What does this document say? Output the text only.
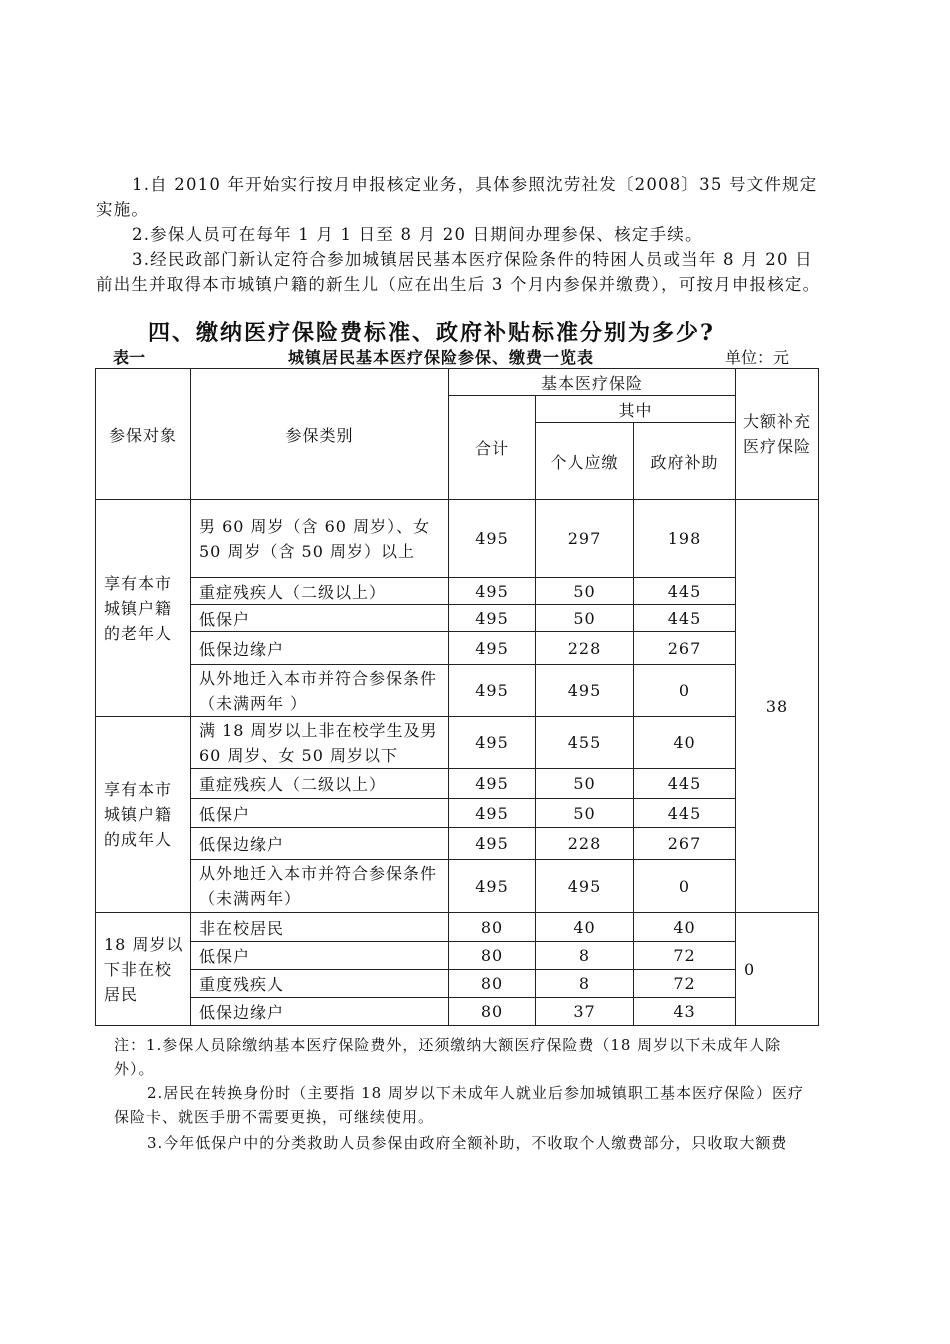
1.自 2010 年开始实行按月申报核定业务，具体参照沈劳社发〔2008〕35 号文件规定实施。

2.参保人员可在每年 1 月 1 日至 8 月 20 日期间办理参保、核定手续。

3.经民政部门新认定符合参加城镇居民基本医疗保险条件的特困人员或当年 8 月 20 日前出生并取得本市城镇户籍的新生儿（应在出生后 3 个月内参保并缴费），可按月申报核定。

四、缴纳医疗保险费标准、政府补贴标准分别为多少?
表一	城镇居民基本医疗保险参保、缴费一览表	单位：元
参保对象	参保类别	基本医疗保险			大额补充医疗保险
		合计	其中		
			个人应缴	政府补助	
享有本市城镇户籍的老年人	男 60 周岁（含 60 周岁）、女 50 周岁（含 50 周岁）以上	495	297	198	38
	重症残疾人（二级以上）	495	50	445	
	低保户	495	50	445	
	低保边缘户	495	228	267	
	从外地迁入本市并符合参保条件（未满两年 ）	495	495	0	
享有本市城镇户籍的成年人	满 18 周岁以上非在校学生及男 60 周岁、女 50 周岁以下	495	455	40	
	重症残疾人（二级以上）	495	50	445	
	低保户	495	50	445	
	低保边缘户	495	228	267	
	从外地迁入本市并符合参保条件（未满两年）	495	495	0	
18 周岁以下非在校居民	非在校居民	80	40	40	0
	低保户	80	8	72	
	重度残疾人	80	8	72	
	低保边缘户	80	37	43	

注：1.参保人员除缴纳基本医疗保险费外，还须缴纳大额医疗保险费（18 周岁以下未成年人除外）。

2.居民在转换身份时（主要指 18 周岁以下未成年人就业后参加城镇职工基本医疗保险）医疗保险卡、就医手册不需要更换，可继续使用。

3.今年低保户中的分类救助人员参保由政府全额补助，不收取个人缴费部分，只收取大额费
